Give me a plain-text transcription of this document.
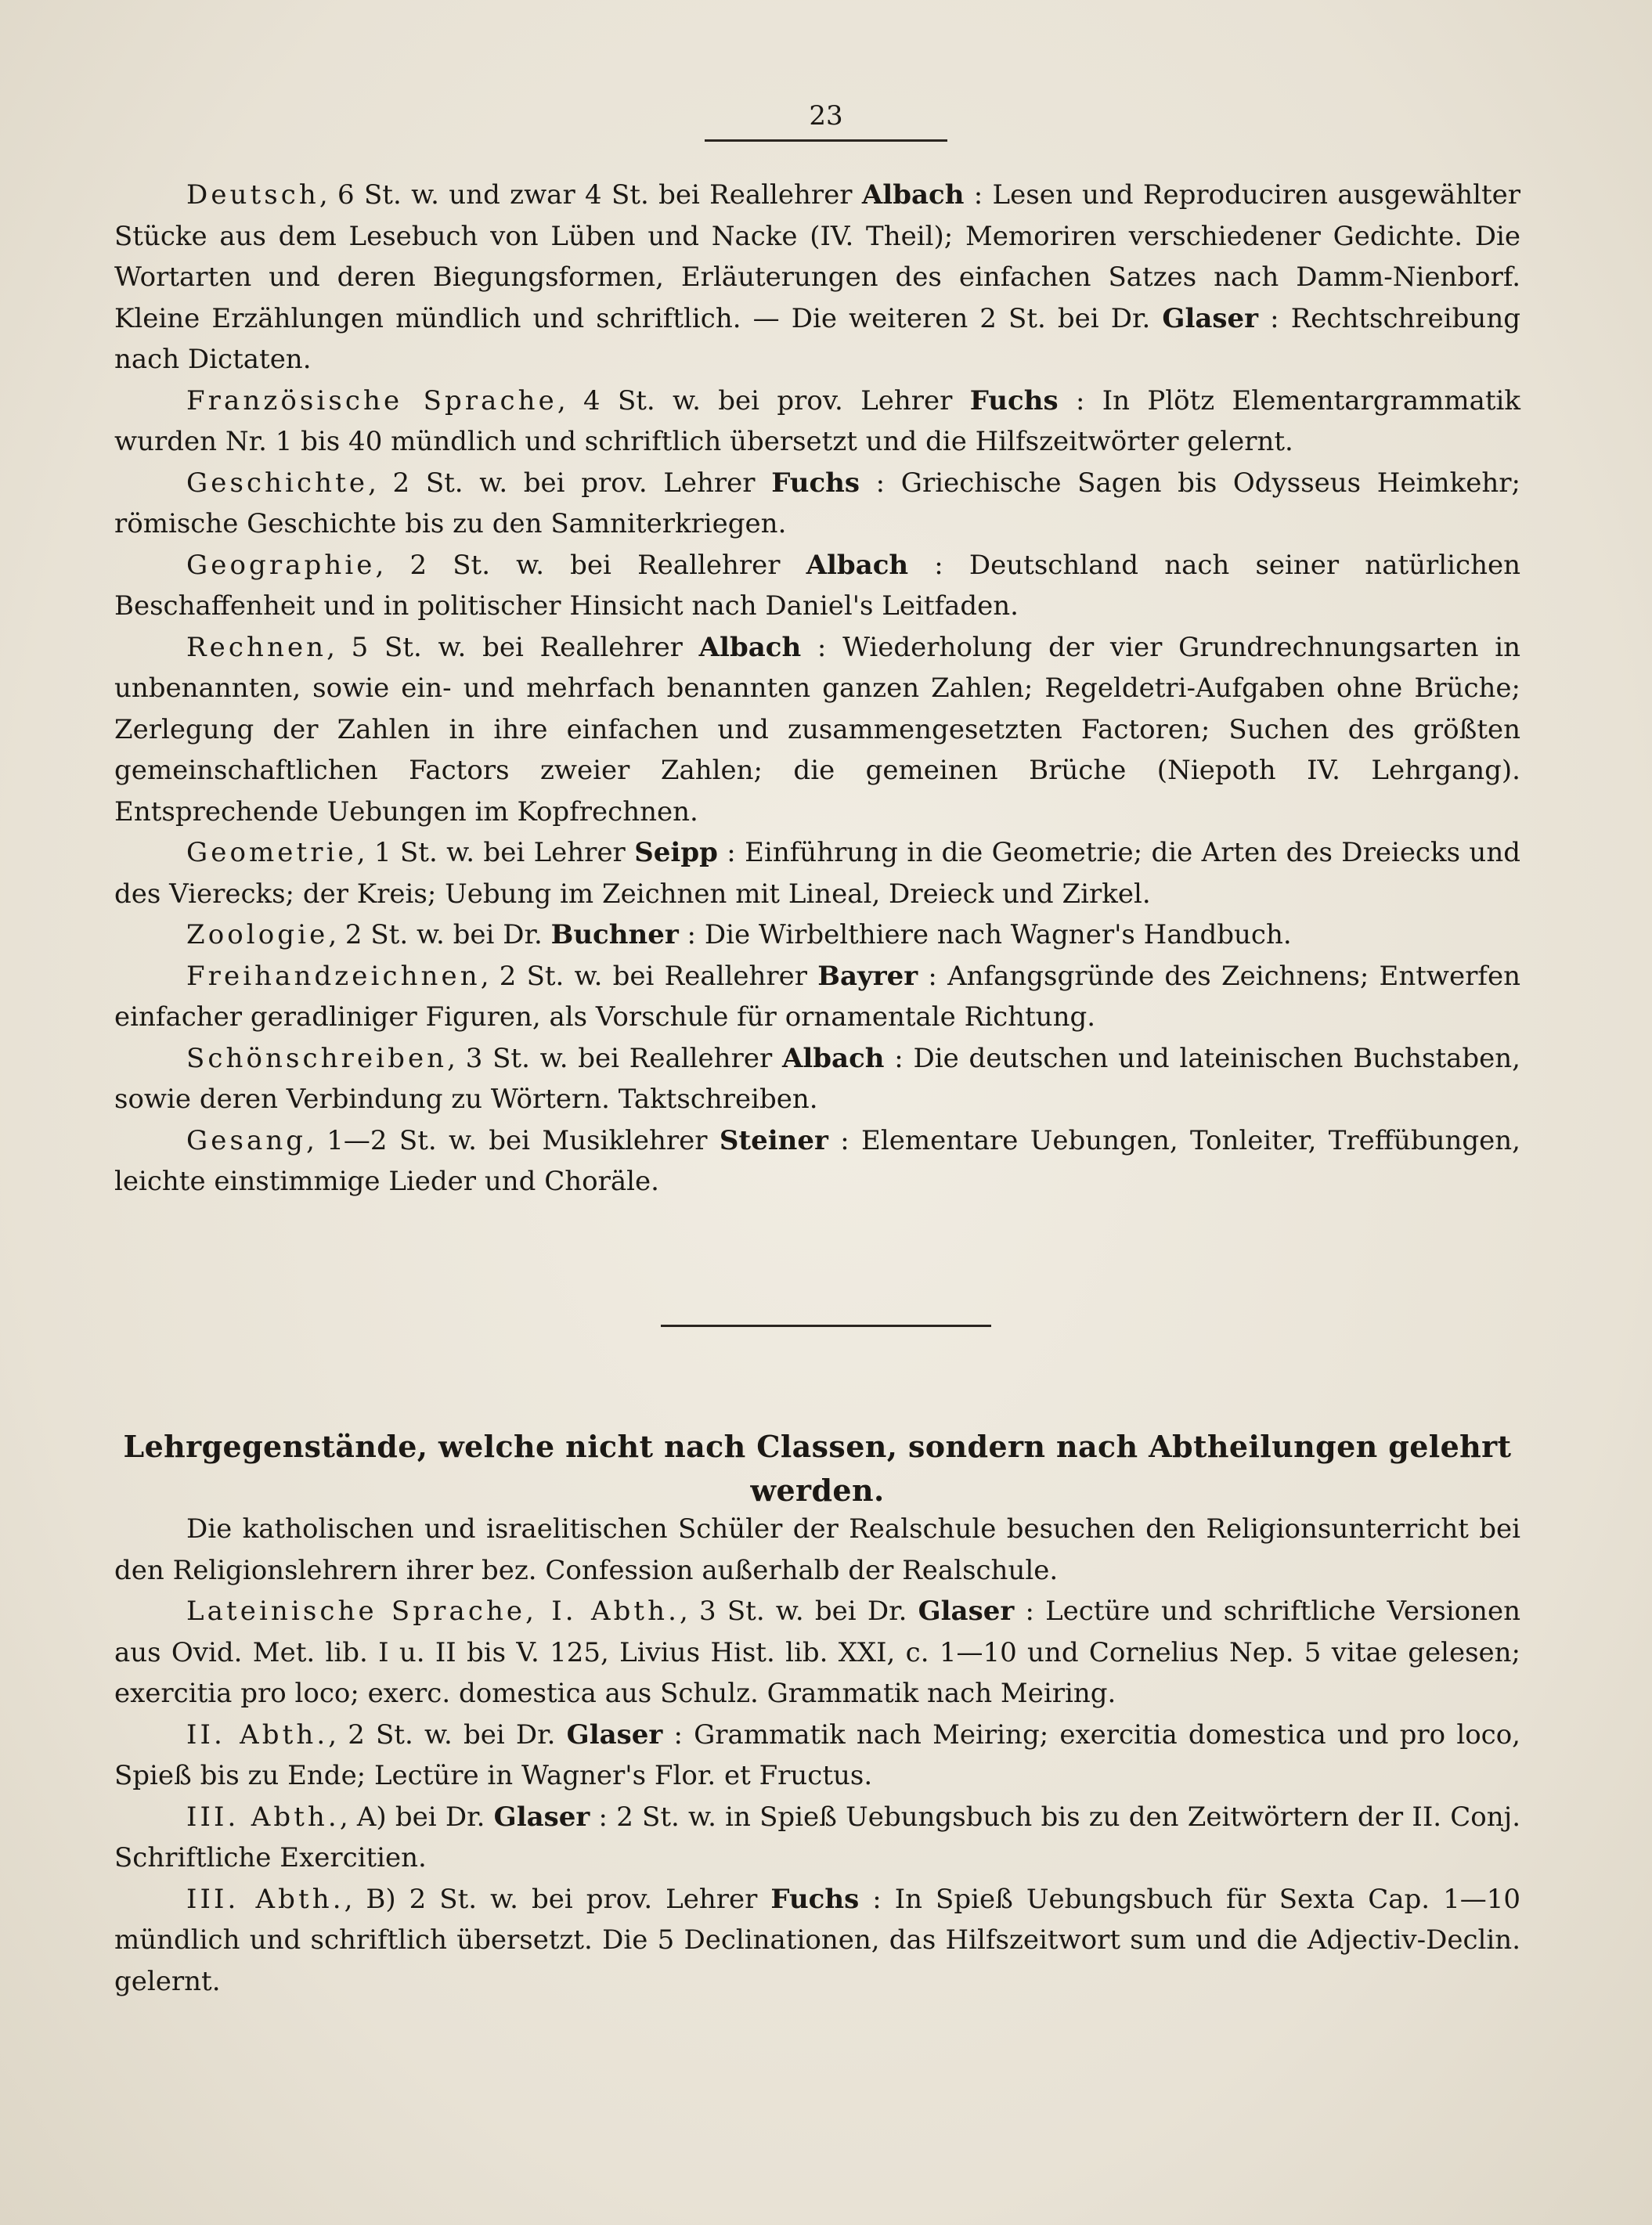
23

Deutsch, 6 St. w. und zwar 4 St. bei Reallehrer Albach : Lesen und Reproduciren ausgewählter Stücke aus dem Lesebuch von Lüben und Nacke (IV. Theil); Memoriren verschiedener Gedichte. Die Wortarten und deren Biegungsformen, Erläuterungen des einfachen Satzes nach Damm-Nienborf. Kleine Erzählungen mündlich und schriftlich. — Die weiteren 2 St. bei Dr. Glaser : Rechtschreibung nach Dictaten.

Französische Sprache, 4 St. w. bei prov. Lehrer Fuchs : In Plötz Elementargrammatik wurden Nr. 1 bis 40 mündlich und schriftlich übersetzt und die Hilfszeitwörter gelernt.

Geschichte, 2 St. w. bei prov. Lehrer Fuchs : Griechische Sagen bis Odysseus Heimkehr; römische Geschichte bis zu den Samniterkriegen.

Geographie, 2 St. w. bei Reallehrer Albach : Deutschland nach seiner natürlichen Beschaffenheit und in politischer Hinsicht nach Daniel's Leitfaden.

Rechnen, 5 St. w. bei Reallehrer Albach : Wiederholung der vier Grundrechnungsarten in unbenannten, sowie ein- und mehrfach benannten ganzen Zahlen; Regeldetri-Aufgaben ohne Brüche; Zerlegung der Zahlen in ihre einfachen und zusammengesetzten Factoren; Suchen des größten gemeinschaftlichen Factors zweier Zahlen; die gemeinen Brüche (Niepoth IV. Lehrgang). Entsprechende Uebungen im Kopfrechnen.

Geometrie, 1 St. w. bei Lehrer Seipp : Einführung in die Geometrie; die Arten des Dreiecks und des Vierecks; der Kreis; Uebung im Zeichnen mit Lineal, Dreieck und Zirkel.

Zoologie, 2 St. w. bei Dr. Buchner : Die Wirbelthiere nach Wagner's Handbuch.

Freihandzeichnen, 2 St. w. bei Reallehrer Bayrer : Anfangsgründe des Zeichnens; Entwerfen einfacher geradliniger Figuren, als Vorschule für ornamentale Richtung.

Schönschreiben, 3 St. w. bei Reallehrer Albach : Die deutschen und lateinischen Buchstaben, sowie deren Verbindung zu Wörtern. Taktschreiben.

Gesang, 1—2 St. w. bei Musiklehrer Steiner : Elementare Uebungen, Tonleiter, Treffübungen, leichte einstimmige Lieder und Choräle.

Lehrgegenstände, welche nicht nach Classen, sondern nach Abtheilungen gelehrt werden.

Die katholischen und israelitischen Schüler der Realschule besuchen den Religionsunterricht bei den Religionslehrern ihrer bez. Confession außerhalb der Realschule.

Lateinische Sprache, I. Abth., 3 St. w. bei Dr. Glaser : Lectüre und schriftliche Versionen aus Ovid. Met. lib. I u. II bis V. 125, Livius Hist. lib. XXI, c. 1—10 und Cornelius Nep. 5 vitae gelesen; exercitia pro loco; exerc. domestica aus Schulz. Grammatik nach Meiring.

II. Abth., 2 St. w. bei Dr. Glaser : Grammatik nach Meiring; exercitia domestica und pro loco, Spieß bis zu Ende; Lectüre in Wagner's Flor. et Fructus.

III. Abth., A) bei Dr. Glaser : 2 St. w. in Spieß Uebungsbuch bis zu den Zeitwörtern der II. Conj. Schriftliche Exercitien.

III. Abth., B) 2 St. w. bei prov. Lehrer Fuchs : In Spieß Uebungsbuch für Sexta Cap. 1—10 mündlich und schriftlich übersetzt. Die 5 Declinationen, das Hilfszeitwort sum und die Adjectiv-Declin. gelernt.
